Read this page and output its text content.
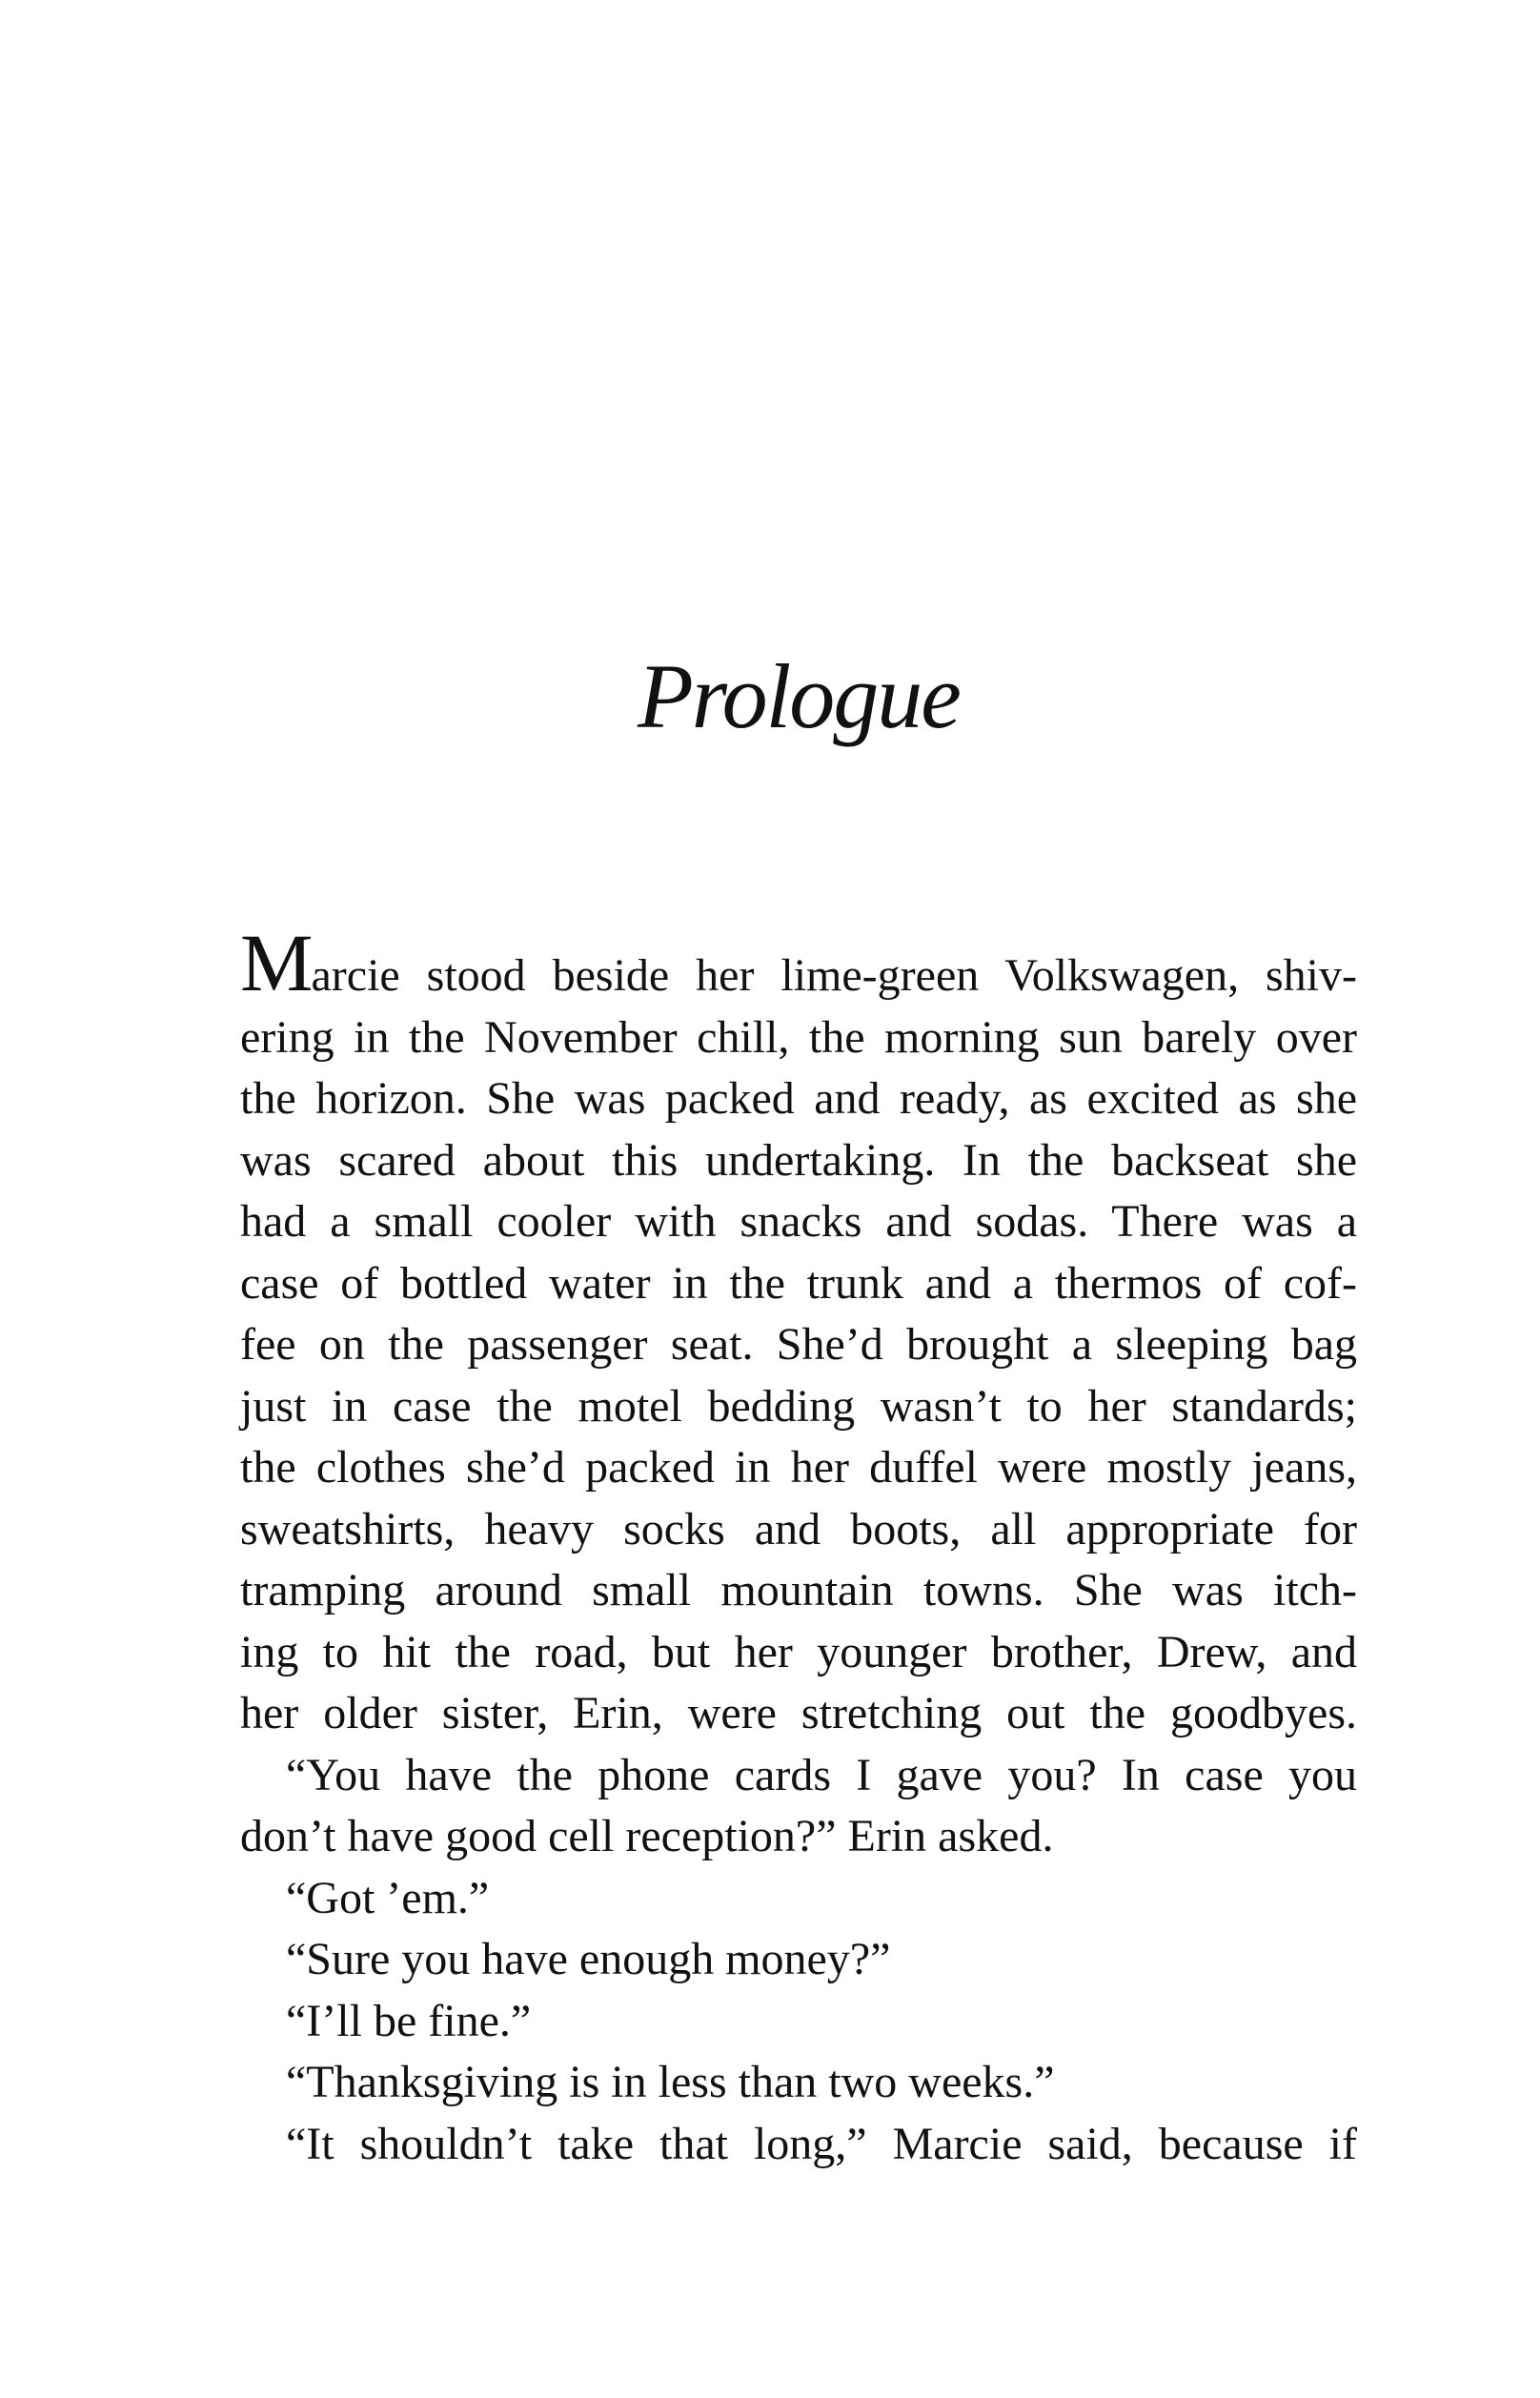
Prologue
Marcie stood beside her lime-green Volkswagen, shiv-
ering in the November chill, the morning sun barely over
the horizon. She was packed and ready, as excited as she
was scared about this undertaking. In the backseat she
had a small cooler with snacks and sodas. There was a
case of bottled water in the trunk and a thermos of cof-
fee on the passenger seat. She’d brought a sleeping bag
just in case the motel bedding wasn’t to her standards;
the clothes she’d packed in her duffel were mostly jeans,
sweatshirts, heavy socks and boots, all appropriate for
tramping around small mountain towns. She was itch-
ing to hit the road, but her younger brother, Drew, and
her older sister, Erin, were stretching out the goodbyes.
“You have the phone cards I gave you? In case you
don’t have good cell reception?” Erin asked.
“Got ’em.”
“Sure you have enough money?”
“I’ll be fine.”
“Thanksgiving is in less than two weeks.”
“It shouldn’t take that long,” Marcie said, because if
